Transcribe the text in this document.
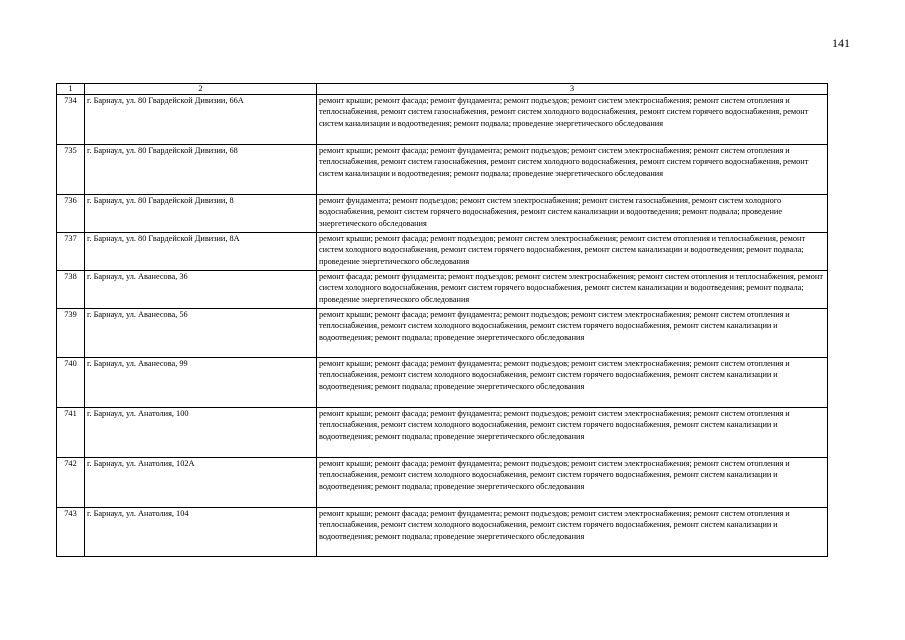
141
1	2	3
734	г. Барнаул, ул. 80 Гвардейской Дивизии, 66А	ремонт крыши; ремонт фасада; ремонт фундамента; ремонт подъездов; ремонт систем электроснабжения; ремонт систем отопления и теплоснабжения, ремонт систем газоснабжения, ремонт систем холодного водоснабжения, ремонт систем горячего водоснабжения, ремонт систем канализации и водоотведения; ремонт подвала; проведение энергетического обследования
735	г. Барнаул, ул. 80 Гвардейской Дивизии, 68	ремонт крыши; ремонт фасада; ремонт фундамента; ремонт подъездов; ремонт систем электроснабжения; ремонт систем отопления и теплоснабжения, ремонт систем газоснабжения, ремонт систем холодного водоснабжения, ремонт систем горячего водоснабжения, ремонт систем канализации и водоотведения; ремонт подвала; проведение энергетического обследования
736	г. Барнаул, ул. 80 Гвардейской Дивизии, 8	ремонт фундамента; ремонт подъездов; ремонт систем электроснабжения; ремонт систем газоснабжения, ремонт систем холодного водоснабжения, ремонт систем горячего водоснабжения, ремонт систем канализации и водоотведения; ремонт подвала; проведение энергетического обследования
737	г. Барнаул, ул. 80 Гвардейской Дивизии, 8А	ремонт крыши; ремонт фасада; ремонт подъездов; ремонт систем электроснабжения; ремонт систем отопления и теплоснабжения, ремонт систем холодного водоснабжения, ремонт систем горячего водоснабжения, ремонт систем канализации и водоотведения; ремонт подвала; проведение энергетического обследования
738	г. Барнаул, ул. Аванесова, 36	ремонт фасада; ремонт фундамента; ремонт подъездов; ремонт систем электроснабжения; ремонт систем отопления и теплоснабжения, ремонт систем холодного водоснабжения, ремонт систем горячего водоснабжения, ремонт систем канализации и водоотведения; ремонт подвала; проведение энергетического обследования
739	г. Барнаул, ул. Аванесова, 56	ремонт крыши; ремонт фасада; ремонт фундамента; ремонт подъездов; ремонт систем электроснабжения; ремонт систем отопления и теплоснабжения, ремонт систем холодного водоснабжения, ремонт систем горячего водоснабжения, ремонт систем канализации и водоотведения; ремонт подвала; проведение энергетического обследования
740	г. Барнаул, ул. Аванесова, 99	ремонт крыши; ремонт фасада; ремонт фундамента; ремонт подъездов; ремонт систем электроснабжения; ремонт систем отопления и теплоснабжения, ремонт систем холодного водоснабжения, ремонт систем горячего водоснабжения, ремонт систем канализации и водоотведения; ремонт подвала; проведение энергетического обследования
741	г. Барнаул, ул. Анатолия, 100	ремонт крыши; ремонт фасада; ремонт фундамента; ремонт подъездов; ремонт систем электроснабжения; ремонт систем отопления и теплоснабжения, ремонт систем холодного водоснабжения, ремонт систем горячего водоснабжения, ремонт систем канализации и водоотведения; ремонт подвала; проведение энергетического обследования
742	г. Барнаул, ул. Анатолия, 102А	ремонт крыши; ремонт фасада; ремонт фундамента; ремонт подъездов; ремонт систем электроснабжения; ремонт систем отопления и теплоснабжения, ремонт систем холодного водоснабжения, ремонт систем горячего водоснабжения, ремонт систем канализации и водоотведения; ремонт подвала; проведение энергетического обследования
743	г. Барнаул, ул. Анатолия, 104	ремонт крыши; ремонт фасада; ремонт фундамента; ремонт подъездов; ремонт систем электроснабжения; ремонт систем отопления и теплоснабжения, ремонт систем холодного водоснабжения, ремонт систем горячего водоснабжения, ремонт систем канализации и водоотведения; ремонт подвала; проведение энергетического обследования
